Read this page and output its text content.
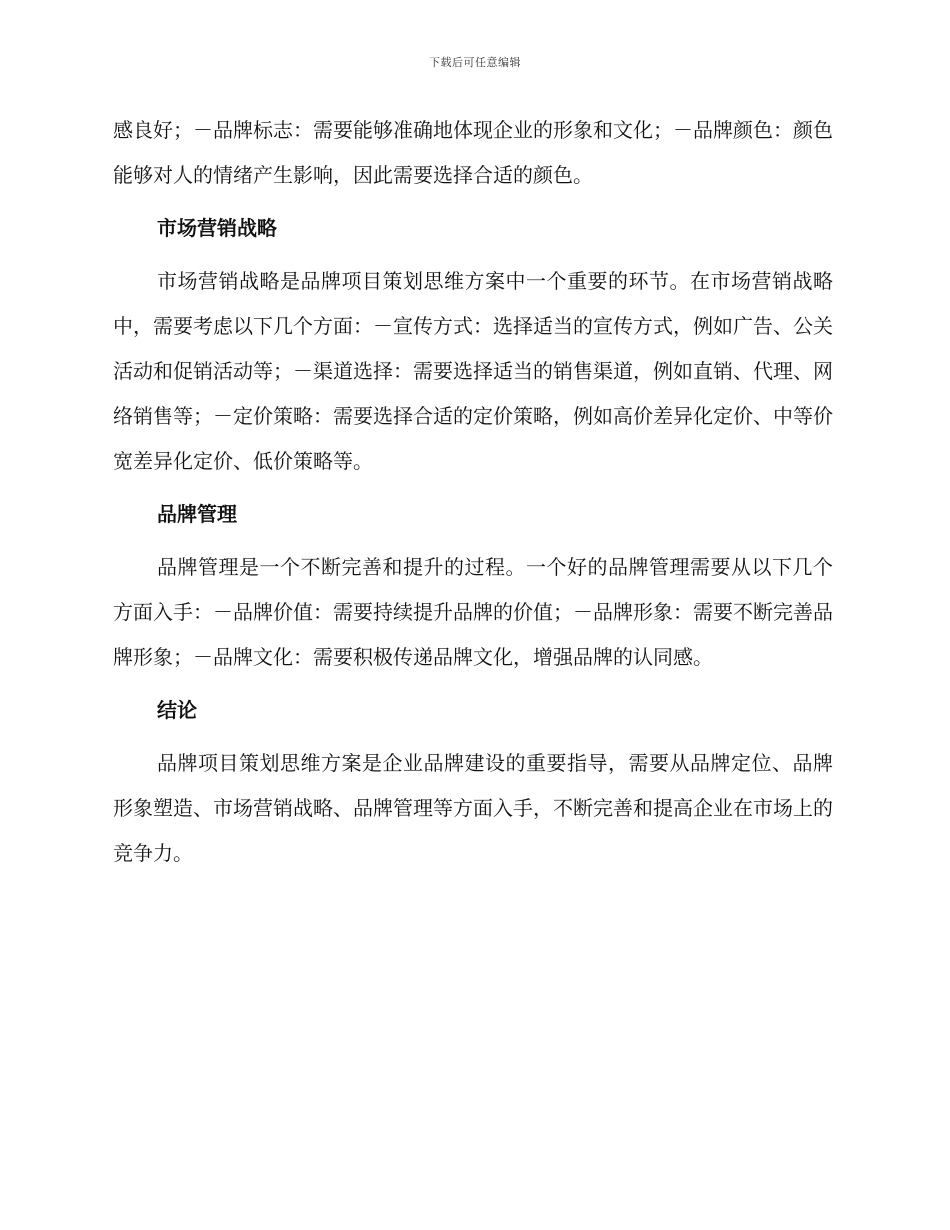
下载后可任意编辑

感良好；－品牌标志：需要能够准确地体现企业的形象和文化；－品牌颜色：颜色能够对人的情绪产生影响，因此需要选择合适的颜色。

市场营销战略

市场营销战略是品牌项目策划思维方案中一个重要的环节。在市场营销战略中，需要考虑以下几个方面：－宣传方式：选择适当的宣传方式，例如广告、公关活动和促销活动等；－渠道选择：需要选择适当的销售渠道，例如直销、代理、网络销售等；－定价策略：需要选择合适的定价策略，例如高价差异化定价、中等价宽差异化定价、低价策略等。

品牌管理

品牌管理是一个不断完善和提升的过程。一个好的品牌管理需要从以下几个方面入手：－品牌价值：需要持续提升品牌的价值；－品牌形象：需要不断完善品牌形象；－品牌文化：需要积极传递品牌文化，增强品牌的认同感。

结论

品牌项目策划思维方案是企业品牌建设的重要指导，需要从品牌定位、品牌形象塑造、市场营销战略、品牌管理等方面入手，不断完善和提高企业在市场上的竞争力。
